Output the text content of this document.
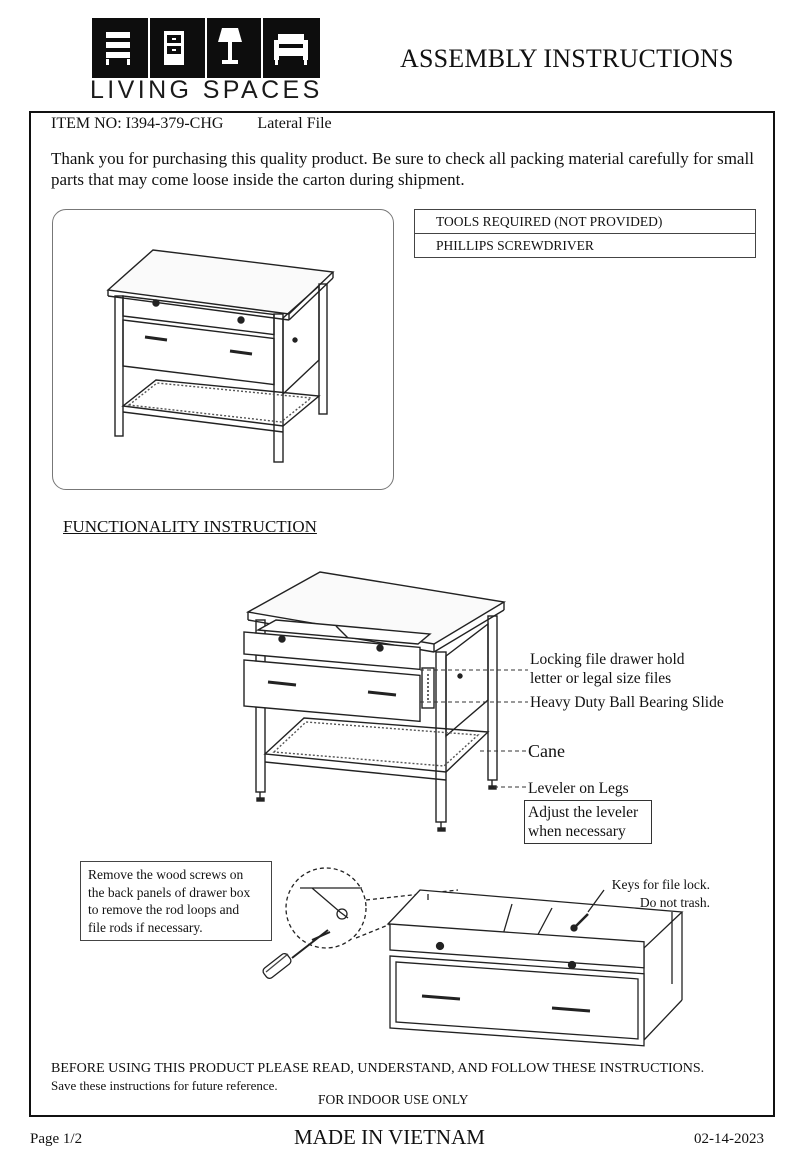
LIVING SPACES
ASSEMBLY INSTRUCTIONS
ITEM NO: I394-379-CHG Lateral File
Thank you for purchasing this quality product. Be sure to check all packing material carefully for small parts that may come loose inside the carton during shipment.
TOOLS REQUIRED (NOT PROVIDED)
PHILLIPS SCREWDRIVER
FUNCTIONALITY INSTRUCTION
Locking file drawer hold
letter or legal size files
Heavy Duty Ball Bearing Slide
Cane
Leveler on Legs
Adjust the leveler
when necessary
Remove the wood screws on
the back panels of drawer box
to remove the rod loops and
file rods if necessary.
Keys for file lock.
Do not trash.
BEFORE USING THIS PRODUCT PLEASE READ, UNDERSTAND, AND FOLLOW THESE INSTRUCTIONS.
Save these instructions for future reference.
FOR INDOOR USE ONLY
Page 1/2	MADE IN VIETNAM	02-14-2023
